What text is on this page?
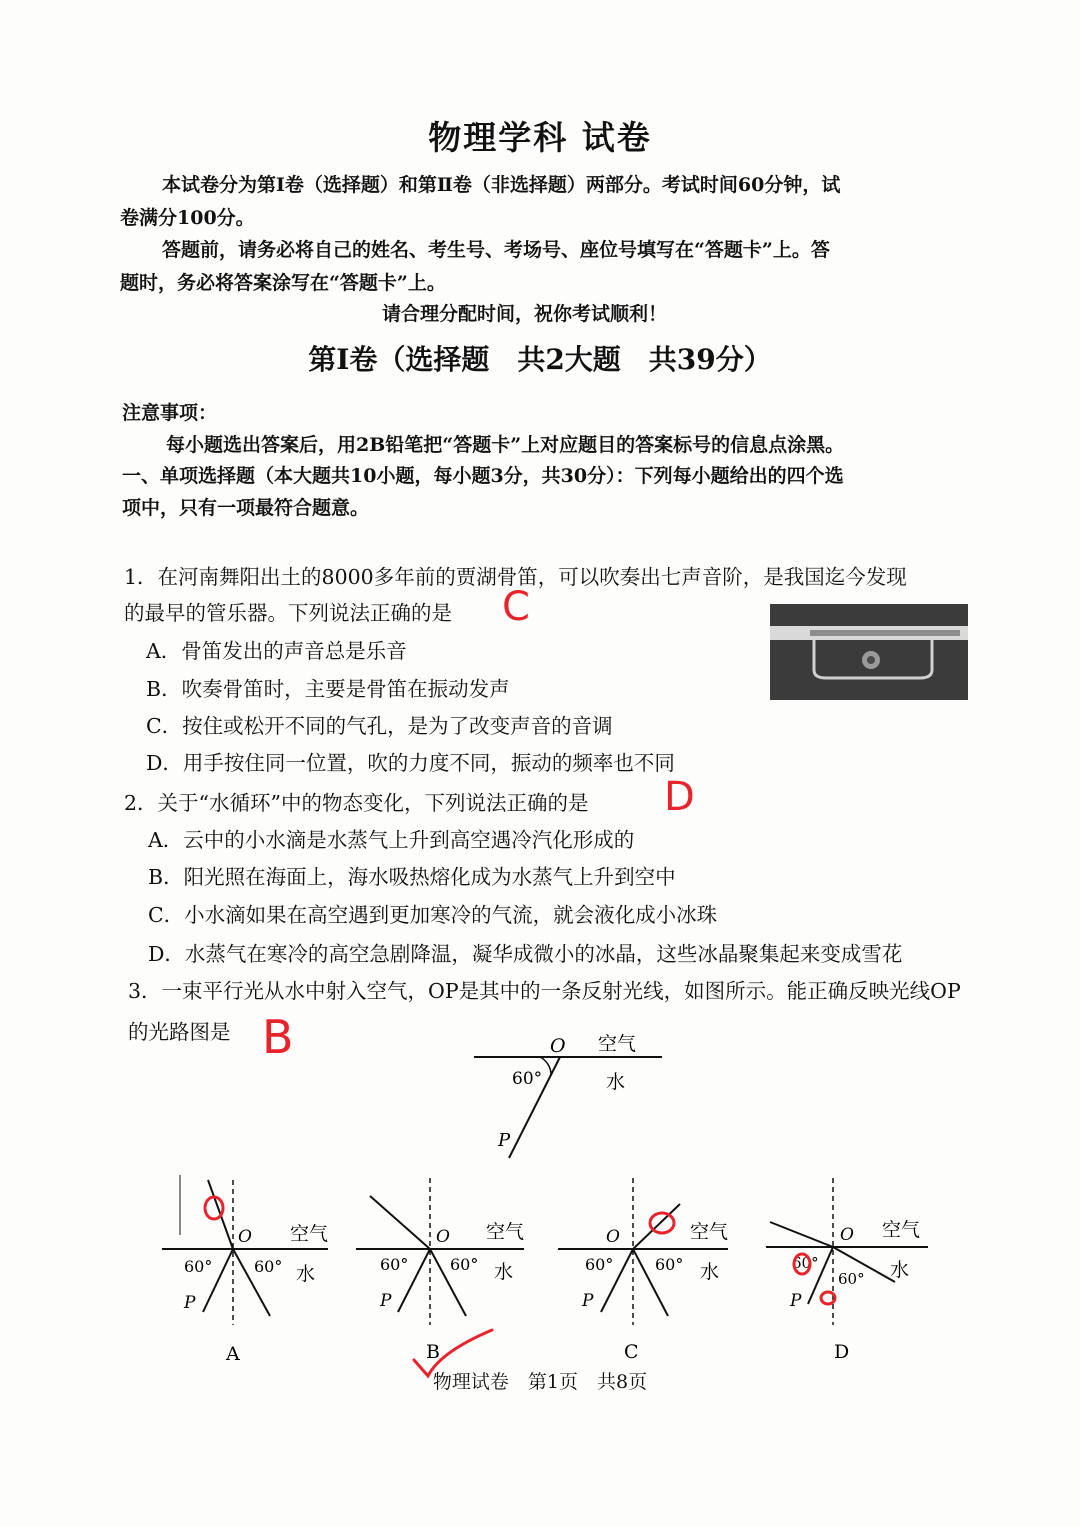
物理学科 试卷
本试卷分为第Ⅰ卷（选择题）和第Ⅱ卷（非选择题）两部分。考试时间60分钟，试
卷满分100分。
答题前，请务必将自己的姓名、考生号、考场号、座位号填写在“答题卡”上。答
题时，务必将答案涂写在“答题卡”上。
请合理分配时间，祝你考试顺利！
第Ⅰ卷（选择题　共2大题　共39分）
注意事项：
每小题选出答案后，用2B铅笔把“答题卡”上对应题目的答案标号的信息点涂黑。
一、单项选择题（本大题共10小题，每小题3分，共30分）：下列每小题给出的四个选
项中，只有一项最符合题意。
1．在河南舞阳出土的8000多年前的贾湖骨笛，可以吹奏出七声音阶，是我国迄今发现
的最早的管乐器。下列说法正确的是 C
A．骨笛发出的声音总是乐音
B．吹奏骨笛时，主要是骨笛在振动发声
C．按住或松开不同的气孔，是为了改变声音的音调
D．用手按住同一位置，吹的力度不同，振动的频率也不同
2．关于“水循环”中的物态变化，下列说法正确的是 D
A．云中的小水滴是水蒸气上升到高空遇冷汽化形成的
B．阳光照在海面上，海水吸热熔化成为水蒸气上升到空中
C．小水滴如果在高空遇到更加寒冷的气流，就会液化成小冰珠
D．水蒸气在寒冷的高空急剧降温，凝华成微小的冰晶，这些冰晶聚集起来变成雪花
3．一束平行光从水中射入空气，OP是其中的一条反射光线，如图所示。能正确反映光线OP
的光路图是 B	O 空气
水
60°
P
O 空气
水
60°	60°
P
A
O 空气
水
60°	60°
P
B
O	空气
水
60°	60°
P
C
O 空气
水
60°
60°
P
D
物理试卷　第1页　共8页
